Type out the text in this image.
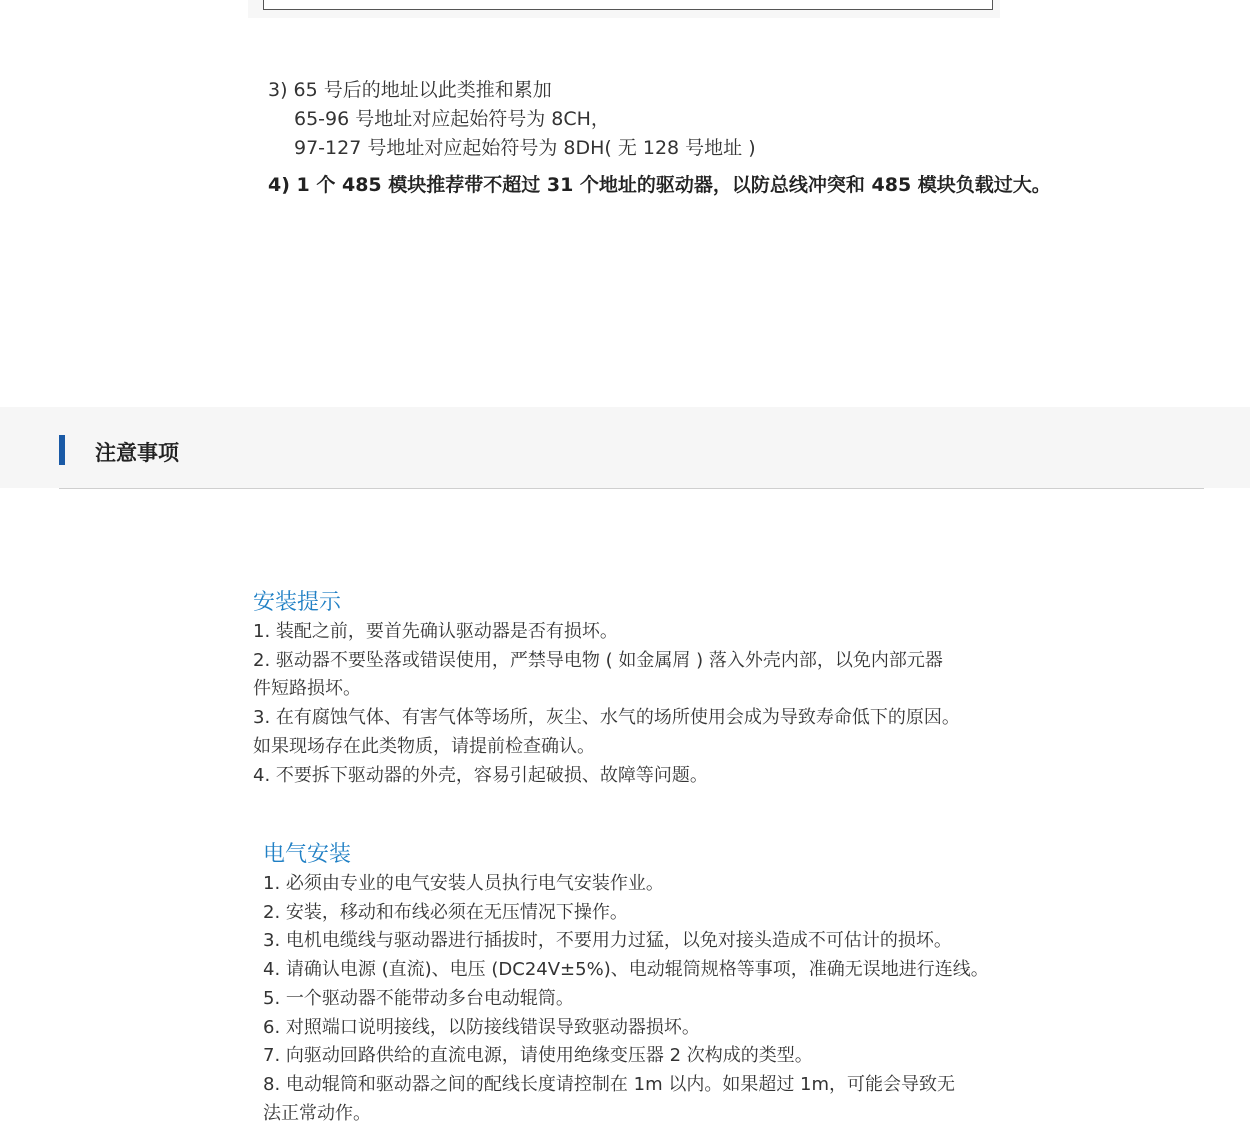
3) 65 号后的地址以此类推和累加
65-96 号地址对应起始符号为 8CH，
97-127 号地址对应起始符号为 8DH( 无 128 号地址 )
4) 1 个 485 模块推荐带不超过 31 个地址的驱动器，以防总线冲突和 485 模块负载过大。
注意事项
安装提示
1. 装配之前，要首先确认驱动器是否有损坏。
2. 驱动器不要坠落或错误使用，严禁导电物 ( 如金属屑 ) 落入外壳内部，以免内部元器
件短路损坏。
3. 在有腐蚀气体、有害气体等场所，灰尘、水气的场所使用会成为导致寿命低下的原因。
如果现场存在此类物质，请提前检查确认。
4. 不要拆下驱动器的外壳，容易引起破损、故障等问题。
电气安装
1. 必须由专业的电气安装人员执行电气安装作业。
2. 安装，移动和布线必须在无压情况下操作。
3. 电机电缆线与驱动器进行插拔时，不要用力过猛，以免对接头造成不可估计的损坏。
4. 请确认电源 (直流)、电压 (DC24V±5%)、电动辊筒规格等事项，准确无误地进行连线。
5. 一个驱动器不能带动多台电动辊筒。
6. 对照端口说明接线，以防接线错误导致驱动器损坏。
7. 向驱动回路供给的直流电源，请使用绝缘变压器 2 次构成的类型。
8. 电动辊筒和驱动器之间的配线长度请控制在 1m 以内。如果超过 1m，可能会导致无
法正常动作。
